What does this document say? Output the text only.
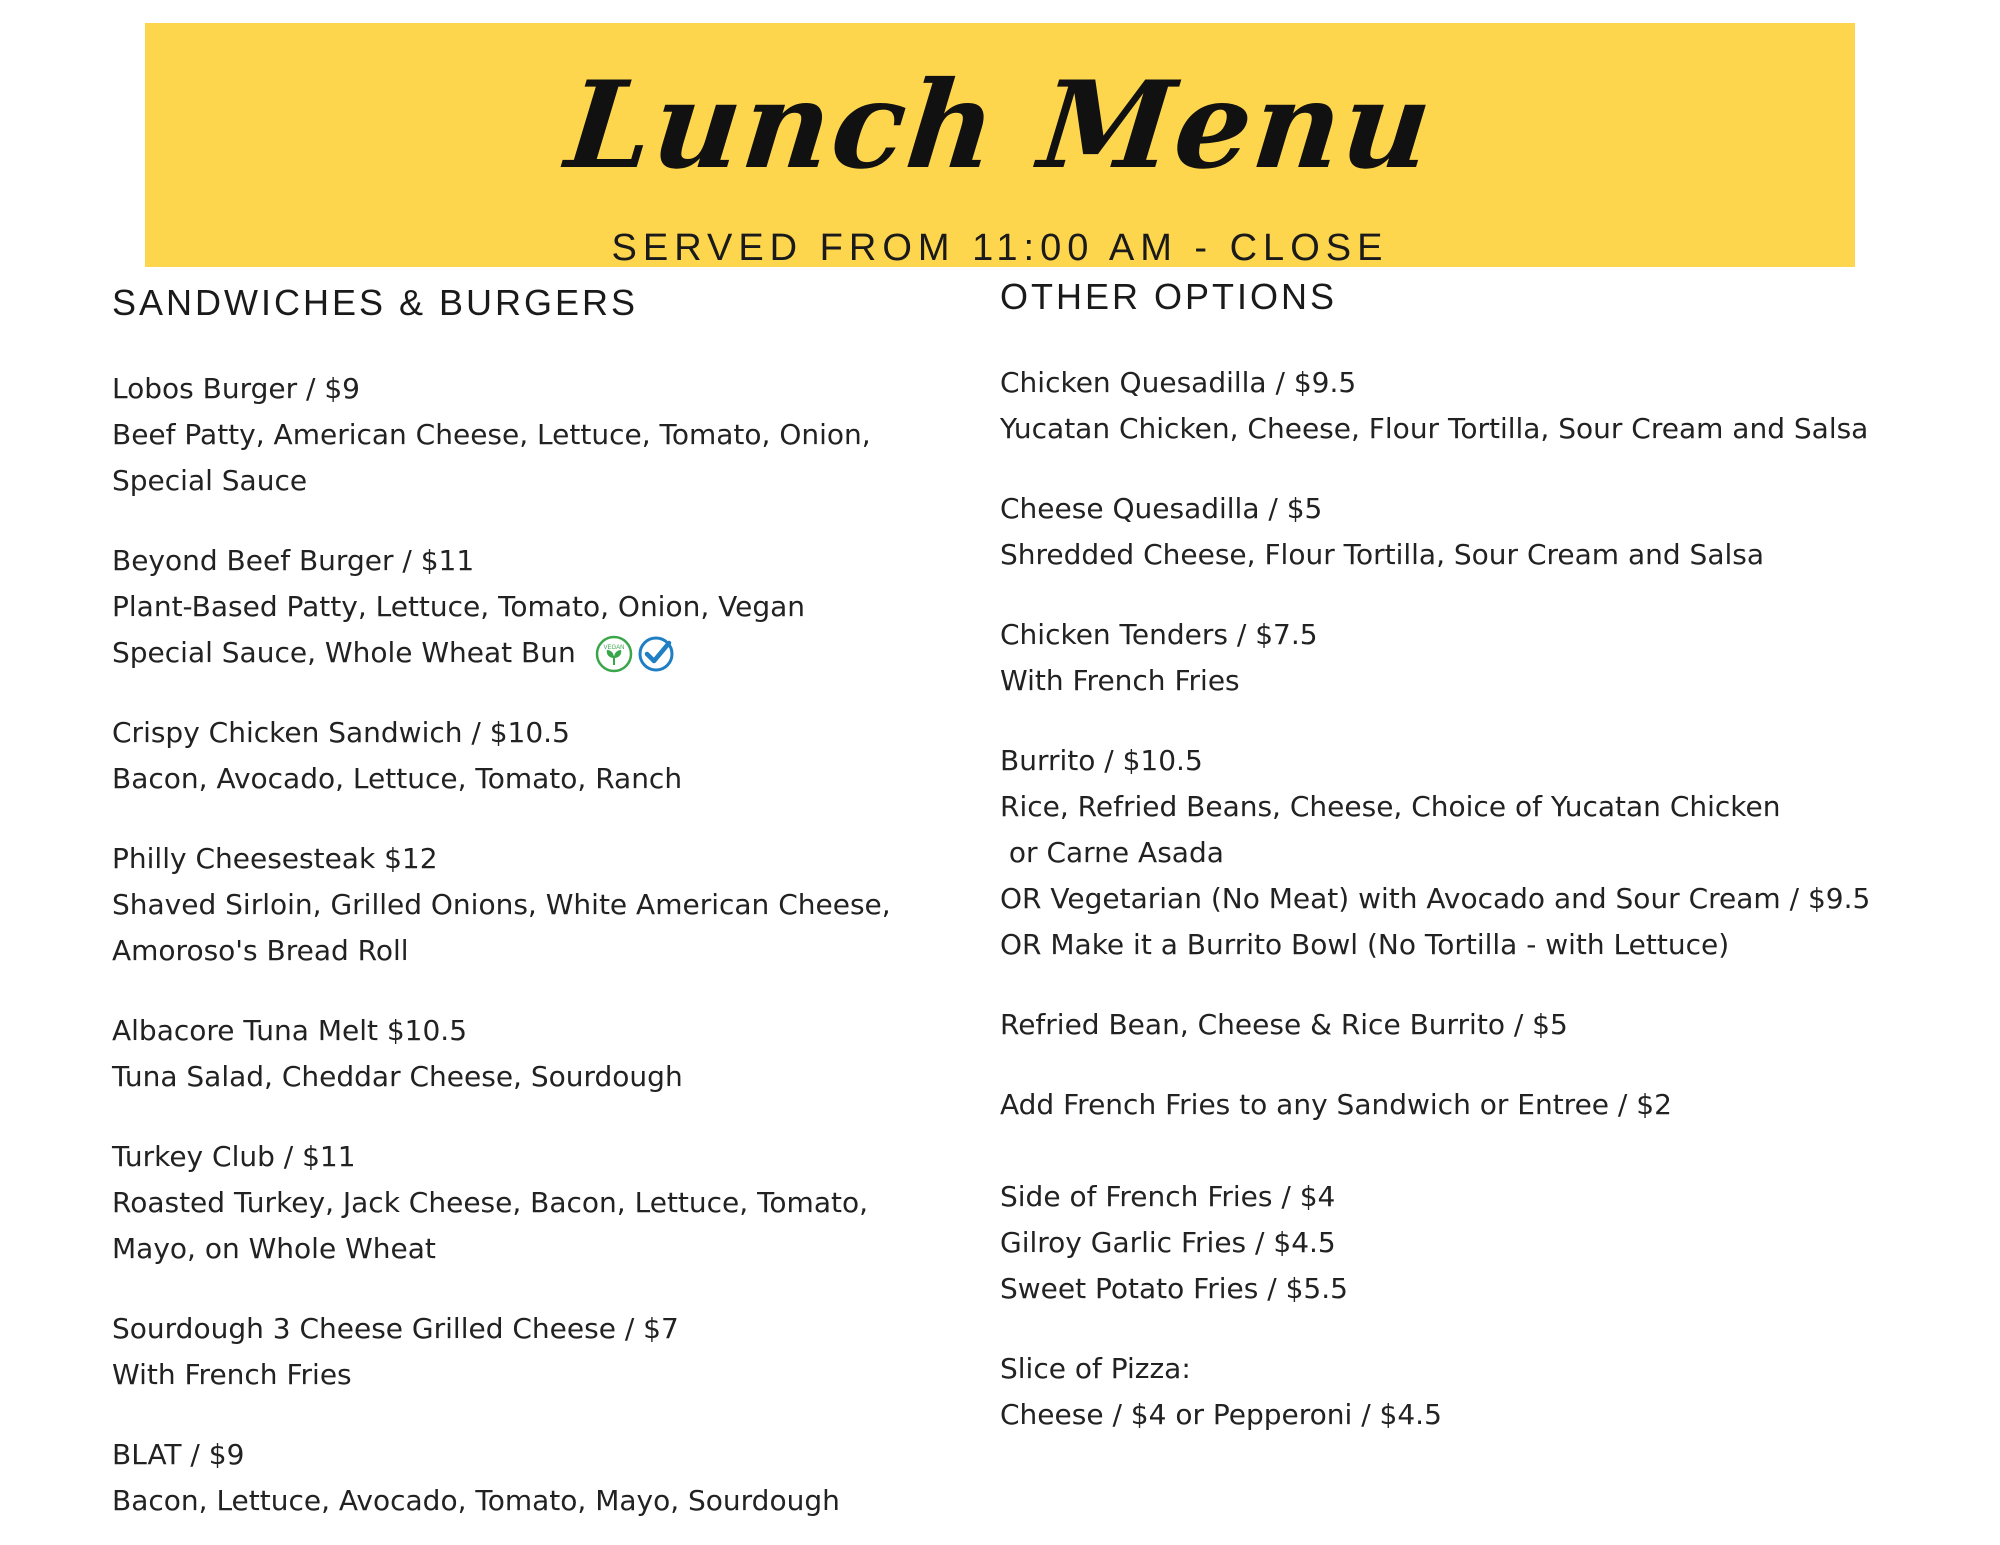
Lunch Menu
SERVED FROM 11:00 AM - CLOSE
SANDWICHES & BURGERS
Lobos Burger / $9
Beef Patty, American Cheese, Lettuce, Tomato, Onion,
Special Sauce
Beyond Beef Burger / $11
Plant-Based Patty, Lettuce, Tomato, Onion, Vegan
Special Sauce, Whole Wheat Bun	VEGAN
Crispy Chicken Sandwich / $10.5
Bacon, Avocado, Lettuce, Tomato, Ranch
Philly Cheesesteak $12
Shaved Sirloin, Grilled Onions, White American Cheese,
Amoroso's Bread Roll
Albacore Tuna Melt $10.5
Tuna Salad, Cheddar Cheese, Sourdough
Turkey Club / $11
Roasted Turkey, Jack Cheese, Bacon, Lettuce, Tomato,
Mayo, on Whole Wheat
Sourdough 3 Cheese Grilled Cheese / $7
With French Fries
BLAT / $9
Bacon, Lettuce, Avocado, Tomato, Mayo, Sourdough
OTHER OPTIONS
Chicken Quesadilla / $9.5
Yucatan Chicken, Cheese, Flour Tortilla, Sour Cream and Salsa
Cheese Quesadilla / $5
Shredded Cheese, Flour Tortilla, Sour Cream and Salsa
Chicken Tenders / $7.5
With French Fries
Burrito / $10.5
Rice, Refried Beans, Cheese, Choice of Yucatan Chicken
or Carne Asada
OR Vegetarian (No Meat) with Avocado and Sour Cream / $9.5
OR Make it a Burrito Bowl (No Tortilla - with Lettuce)
Refried Bean, Cheese & Rice Burrito / $5
Add French Fries to any Sandwich or Entree / $2
Side of French Fries / $4
Gilroy Garlic Fries / $4.5
Sweet Potato Fries / $5.5
Slice of Pizza:
Cheese / $4 or Pepperoni / $4.5
